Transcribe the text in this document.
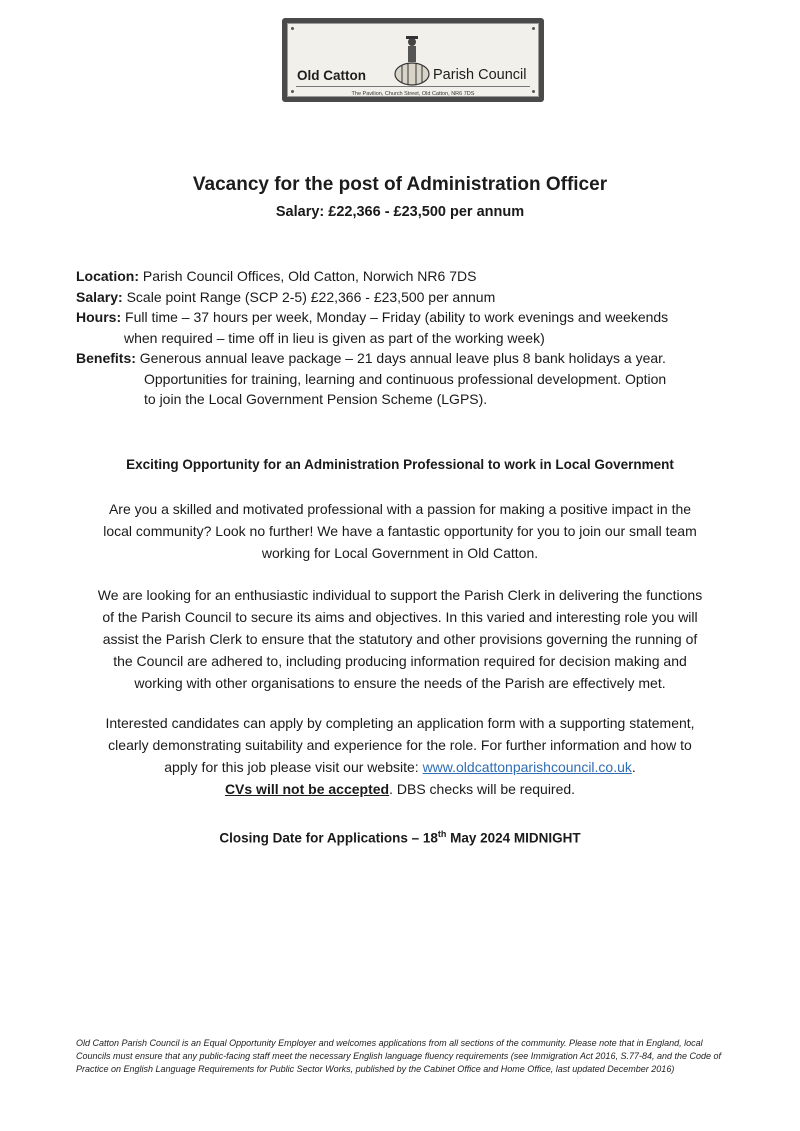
Old Catton	Parish Council
The Pavilion, Church Street, Old Catton, NR6 7DS
Vacancy for the post of Administration Officer
Salary: £22,366 - £23,500 per annum
Location: Parish Council Offices, Old Catton, Norwich NR6 7DS
Salary: Scale point Range (SCP 2-5) £22,366 - £23,500 per annum
Hours: Full time – 37 hours per week, Monday – Friday (ability to work evenings and weekends
when required – time off in lieu is given as part of the working week)
Benefits: Generous annual leave package – 21 days annual leave plus 8 bank holidays a year.
Opportunities for training, learning and continuous professional development. Option
to join the Local Government Pension Scheme (LGPS).
Exciting Opportunity for an Administration Professional to work in Local Government
Are you a skilled and motivated professional with a passion for making a positive impact in the
local community? Look no further! We have a fantastic opportunity for you to join our small team
working for Local Government in Old Catton.
We are looking for an enthusiastic individual to support the Parish Clerk in delivering the functions
of the Parish Council to secure its aims and objectives. In this varied and interesting role you will
assist the Parish Clerk to ensure that the statutory and other provisions governing the running of
the Council are adhered to, including producing information required for decision making and
working with other organisations to ensure the needs of the Parish are effectively met.
Interested candidates can apply by completing an application form with a supporting statement,
clearly demonstrating suitability and experience for the role. For further information and how to
apply for this job please visit our website: www.oldcattonparishcouncil.co.uk.
CVs will not be accepted. DBS checks will be required.
Closing Date for Applications – 18th May 2024 MIDNIGHT
Old Catton Parish Council is an Equal Opportunity Employer and welcomes applications from all sections of the community. Please note that in England, local Councils must ensure that any public-facing staff meet the necessary English language fluency requirements (see Immigration Act 2016, S.77-84, and the Code of Practice on English Language Requirements for Public Sector Works, published by the Cabinet Office and Home Office, last updated December 2016)
